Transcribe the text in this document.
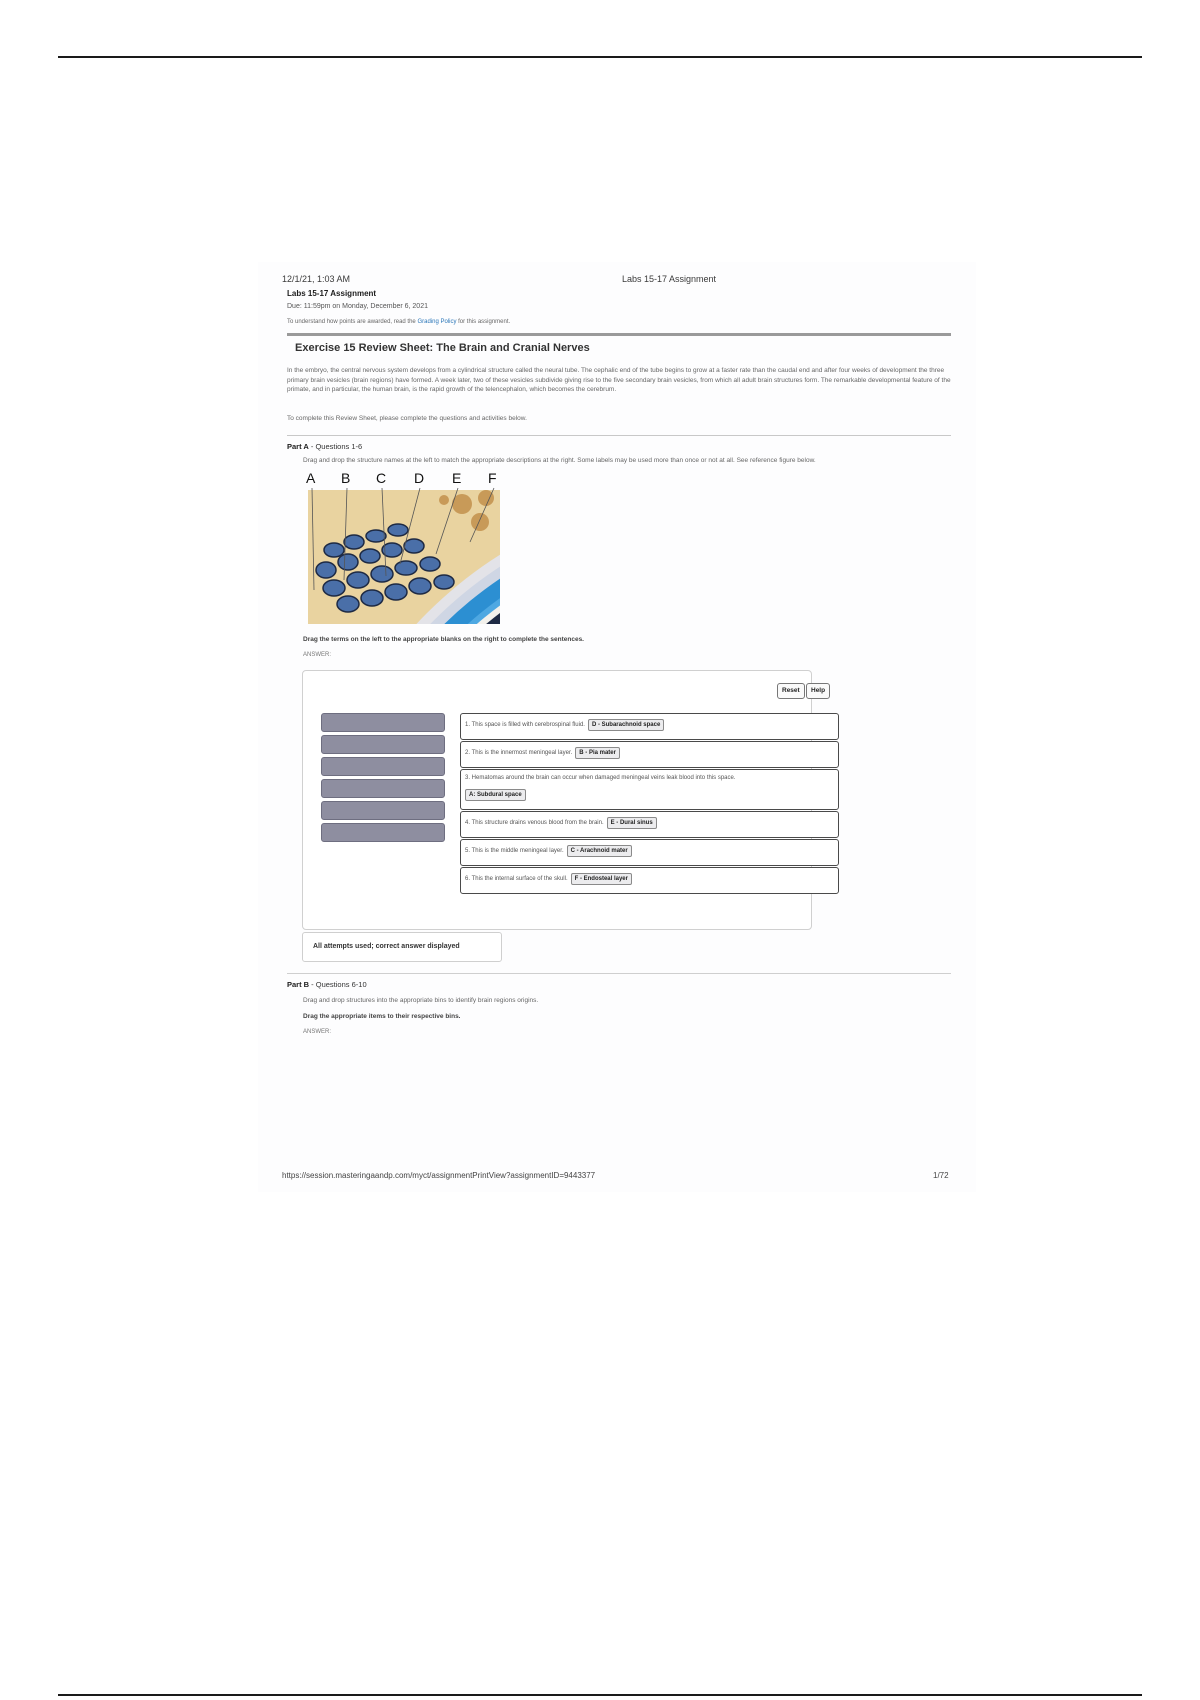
12/1/21, 1:03 AM	Labs 15-17 Assignment
Labs 15-17 Assignment
Due: 11:59pm on Monday, December 6, 2021
To understand how points are awarded, read the Grading Policy for this assignment.
Exercise 15 Review Sheet: The Brain and Cranial Nerves
In the embryo, the central nervous system develops from a cylindrical structure called the neural tube. The cephalic end of the tube begins to grow at a faster rate than the caudal end and after four weeks of development the three primary brain vesicles (brain regions) have formed. A week later, two of these vesicles subdivide giving rise to the five secondary brain vesicles, from which all adult brain structures form. The remarkable developmental feature of the primate, and in particular, the human brain, is the rapid growth of the telencephalon, which becomes the cerebrum.
To complete this Review Sheet, please complete the questions and activities below.
Part A - Questions 1-6
Drag and drop the structure names at the left to match the appropriate descriptions at the right. Some labels may be used more than once or not at all. See reference figure below.
A B C D E F
Drag the terms on the left to the appropriate blanks on the right to complete the sentences.
ANSWER:
Reset	Help
1. This space is filled with cerebrospinal fluid. D - Subarachnoid space
2. This is the innermost meningeal layer. B - Pia mater
3. Hematomas around the brain can occur when damaged meningeal veins leak blood into this space.
A: Subdural space
4. This structure drains venous blood from the brain. E - Dural sinus
5. This is the middle meningeal layer. C - Arachnoid mater
6. This the internal surface of the skull. F - Endosteal layer
All attempts used; correct answer displayed
Part B - Questions 6-10
Drag and drop structures into the appropriate bins to identify brain regions origins.
Drag the appropriate items to their respective bins.
ANSWER:
https://session.masteringaandp.com/myct/assignmentPrintView?assignmentID=9443377	1/72
